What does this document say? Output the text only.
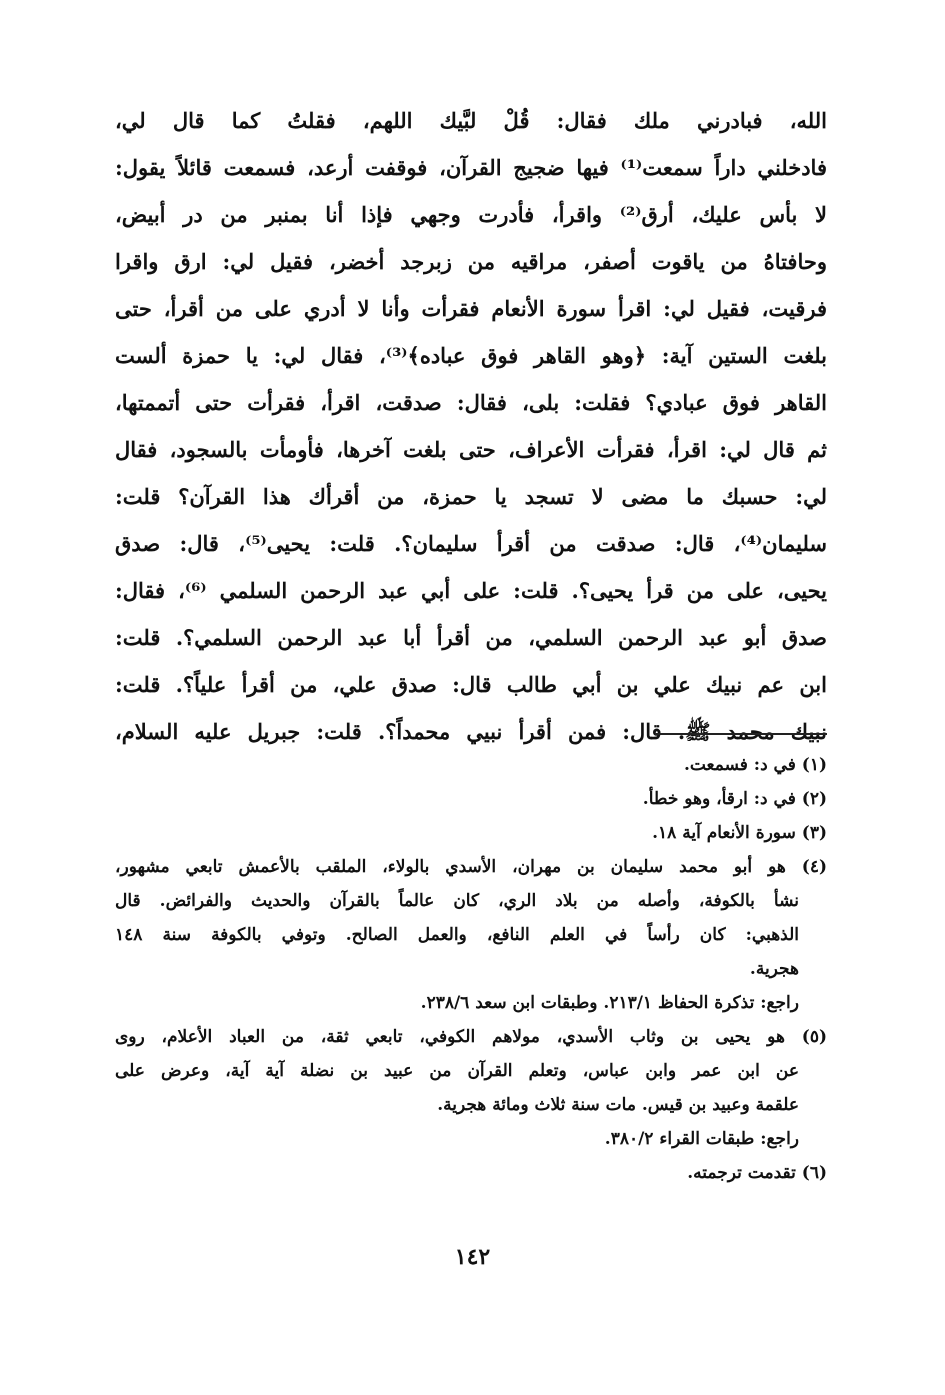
الله، فبادرني ملك فقال: قُلْ لبَّيك اللهم، فقلتُ كما قال لي،
فادخلني داراً سمعت⁽¹⁾ فيها ضجيج القرآن، فوقفت أرعد، فسمعت قائلاً يقول:
لا بأس عليك، أرق⁽²⁾ واقرأ، فأدرت وجهي فإذا أنا بمنبر من در أبيض،
وحافتاهُ من ياقوت أصفر، مراقيه من زبرجد أخضر، فقيل لي: ارق واقرا
فرقيت، فقيل لي: اقرأ سورة الأنعام فقرأت وأنا لا أدري على من أقرأ، حتى
بلغت الستين آية: ﴿وهو القاهر فوق عباده﴾⁽³⁾، فقال لي: يا حمزة ألست
القاهر فوق عبادي؟ فقلت: بلى، فقال: صدقت، اقرأ، فقرأت حتى أتممتها،
ثم قال لي: اقرأ، فقرأت الأعراف، حتى بلغت آخرها، فأومأت بالسجود، فقال
لي: حسبك ما مضى لا تسجد يا حمزة، من أقرأك هذا القرآن؟ قلت:
سليمان⁽⁴⁾، قال: صدقت من أقرأ سليمان؟. قلت: يحيى⁽⁵⁾، قال: صدق
يحيى، على من قرأ يحيى؟. قلت: على أبي عبد الرحمن السلمي ⁽⁶⁾، فقال:
صدق أبو عبد الرحمن السلمي، من أقرأ أبا عبد الرحمن السلمي؟. قلت:
ابن عم نبيك علي بن أبي طالب قال: صدق علي، من أقرأ علياً؟. قلت:
نبيك محمد ﷺ. قال: فمن أقرأ نبيي محمداً؟. قلت: جبريل عليه السلام،
(١) في د: فسمعت.
(٢) في د: ارقأ، وهو خطأ.
(٣) سورة الأنعام آية ١٨.
(٤) هو أبو محمد سليمان بن مهران، الأسدي بالولاء، الملقب بالأعمش تابعي مشهور،
نشأ بالكوفة، وأصله من بلاد الري، كان عالماً بالقرآن والحديث والفرائض. قال
الذهبي: كان رأساً في العلم النافع، والعمل الصالح. وتوفي بالكوفة سنة ١٤٨
هجرية.
راجع: تذكرة الحفاظ ٢١٣/١. وطبقات ابن سعد ٢٣٨/٦.
(٥) هو يحيى بن وثاب الأسدي، مولاهم الكوفي، تابعي ثقة، من العباد الأعلام، روى
عن ابن عمر وابن عباس، وتعلم القرآن من عبيد بن نضلة آية آية، وعرض على
علقمة وعبيد بن قيس. مات سنة ثلاث ومائة هجرية.
راجع: طبقات القراء ٣٨٠/٢.
(٦) تقدمت ترجمته.
١٤٢
